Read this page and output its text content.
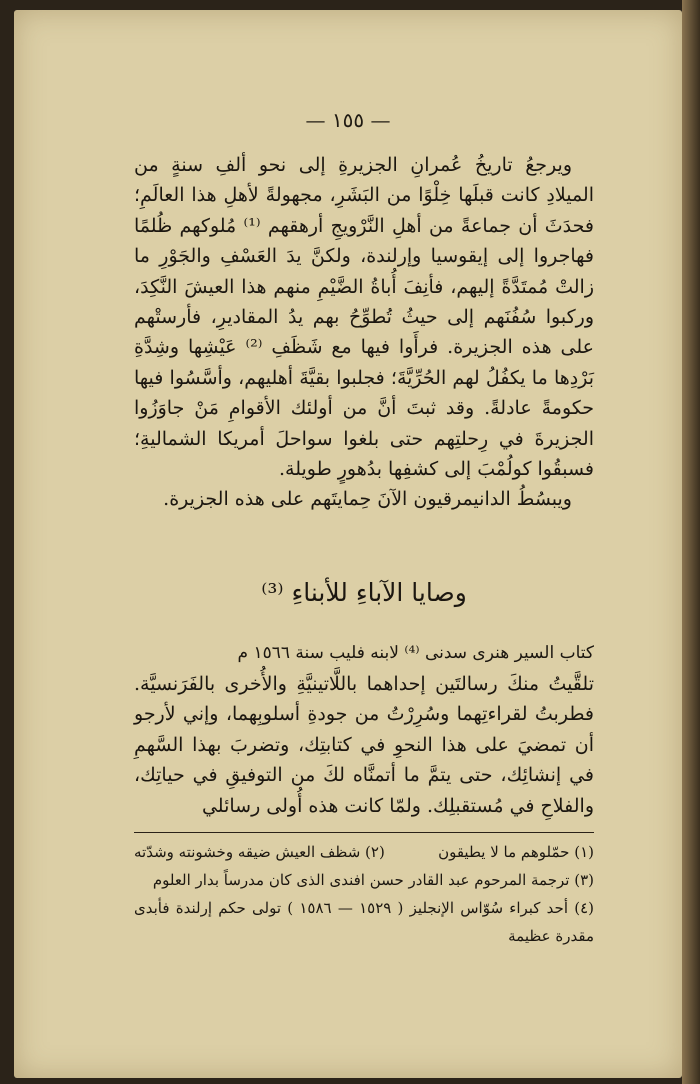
— ١٥٥ —

ويرجعُ تاريخُ عُمرانِ الجزيرةِ إلى نحو ألفِ سنةٍ من الميلادِ كانت قبلَها خِلْوًا من البَشَرِ، مجهولةً لأهلِ هذا العالَمِ؛ فحدَثَ أن جماعةً من أهلِ النَّرْويجِ أرهقهم ⁽¹⁾ مُلوكهم ظُلمًا فهاجروا إلى إيقوسيا وإرلندة، ولكنَّ يدَ العَسْفِ والجَوْرِ ما زالتْ مُمتَدَّةً إليهم، فأنِفَ أُباةُ الضَّيْمِ منهم هذا العيشَ النَّكِدَ، وركبوا سُفُنَهم إلى حيثُ تُطوِّحُ بهم يدُ المقاديرِ، فأرستْهم على هذه الجزيرة. فرأَوا فيها مع شَظَفِ ⁽²⁾ عَيْشِها وشِدَّةِ بَرْدِها ما يكفُلُ لهم الحُرِّيَّةَ؛ فجلبوا بقيَّةَ أهليهم، وأسَّسُوا فيها حكومةً عادلةً. وقد ثبتَ أنَّ من أولئك الأقوامِ مَنْ جاوَزُوا الجزيرةَ في رِحلتِهم حتى بلغوا سواحلَ أمريكا الشماليةِ؛ فسبقُوا كولُمْبَ إلى كشفِها بدُهورٍ طويلة.

ويبسُطُ الدانيمرقيون الآنَ حِمايتَهم على هذه الجزيرة.

وصايا الآباءِ للأبناءِ ⁽³⁾

كتاب السير هنرى سدنى ⁽⁴⁾ لابنه فليب سنة ١٥٦٦ م

تلقَّيتُ منكَ رسالتَين إحداهما باللَّاتينيَّةِ والأُخرى بالفَرَنسيَّة. فطربتُ لقراءتِهما وسُرِرْتُ من جودةِ أسلوبِهما، وإني لأرجو أن تمضيَ على هذا النحوِ في كتابتِك، وتضربَ بهذا السَّهمِ في إنشائِك، حتى يتمَّ ما أتمنَّاه لكَ من التوفيقِ في حياتِك، والفلاحِ في مُستقبلِك. ولمّا كانت هذه أُولى رسائلي

(١) حمّلوهم ما لا يطيقون
(٢) شظف العيش ضيقه وخشونته وشدّته

(٣) ترجمة المرحوم عبد القادر حسن افندى الذى كان مدرساً بدار العلوم

(٤) أحد كبراء سُوّاس الإنجليز ( ١٥٢٩ — ١٥٨٦ ) تولى حكم إرلندة فأبدى مقدرة عظيمة
